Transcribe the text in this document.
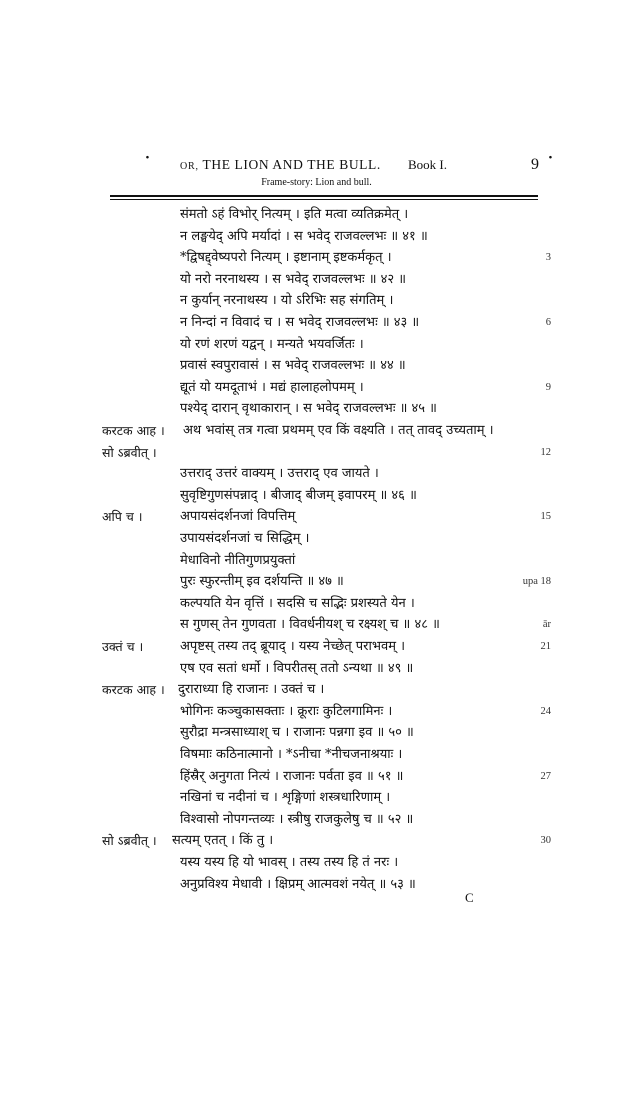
·	·
OR, THE LION AND THE BULL.	Book I.	9
Frame-story: Lion and bull.
संमतो ऽहं विभोर् नित्यम् । इति मत्वा व्यतिक्रमेत् ।
न लङ्घयेद् अपि मर्यादां । स भवेद् राजवल्लभः ॥ ४१ ॥
*द्विषद्द्वेष्यपरो नित्यम् । इष्टानाम् इष्टकर्मकृत् ।	3
यो नरो नरनाथस्य । स भवेद् राजवल्लभः ॥ ४२ ॥
न कुर्यान् नरनाथस्य । यो ऽरिभिः सह संगतिम् ।
न निन्दां न विवादं च । स भवेद् राजवल्लभः ॥ ४३ ॥	6
यो रणं शरणं यद्वन् । मन्यते भयवर्जितः ।
प्रवासं स्वपुरावासं । स भवेद् राजवल्लभः ॥ ४४ ॥
द्यूतं यो यमदूताभं । मद्यं हालाहलोपमम् ।	9
पश्येद् दारान् वृथाकारान् । स भवेद् राजवल्लभः ॥ ४५ ॥
करटक आह । अथ भवांस् तत्र गत्वा प्रथमम् एव किं वक्ष्यति । तत् तावद् उच्यताम् ।
सो ऽब्रवीत् ।	12
उत्तराद् उत्तरं वाक्यम् । उत्तराद् एव जायते ।
सुवृष्टिगुणसंपन्नाद् । बीजाद् बीजम् इवापरम् ॥ ४६ ॥
अपि च ।	अपायसंदर्शनजां विपत्तिम्	15
उपायसंदर्शनजां च सिद्धिम् ।
मेधाविनो नीतिगुणप्रयुक्तां
पुरः स्फुरन्तीम् इव दर्शयन्ति ॥ ४७ ॥	upa 18
कल्पयति येन वृत्तिं । सदसि च सद्भिः प्रशस्यते येन ।
स गुणस् तेन गुणवता । विवर्धनीयश् च रक्ष्यश् च ॥ ४८ ॥	ār
उक्तं च ।	अपृष्टस् तस्य तद् ब्रूयाद् । यस्य नेच्छेत् पराभवम् ।	21
एष एव सतां धर्मो । विपरीतस् ततो ऽन्यथा ॥ ४९ ॥
करटक आह । दुराराध्या हि राजानः । उक्तं च ।
भोगिनः कञ्चुकासक्ताः । क्रूराः कुटिलगामिनः ।	24
सुरौद्रा मन्त्रसाध्याश् च । राजानः पन्नगा इव ॥ ५० ॥
विषमाः कठिनात्मानो । *ऽनीचा *नीचजनाश्रयाः ।
हिंस्रैर् अनुगता नित्यं । राजानः पर्वता इव ॥ ५१ ॥	27
नखिनां च नदीनां च । शृङ्गिणां शस्त्रधारिणाम् ।
विश्वासो नोपगन्तव्यः । स्त्रीषु राजकुलेषु च ॥ ५२ ॥
सो ऽब्रवीत् । सत्यम् एतत् । किं तु ।	30
यस्य यस्य हि यो भावस् । तस्य तस्य हि तं नरः ।
अनुप्रविश्य मेधावी । क्षिप्रम् आत्मवशं नयेत् ॥ ५३ ॥
C
